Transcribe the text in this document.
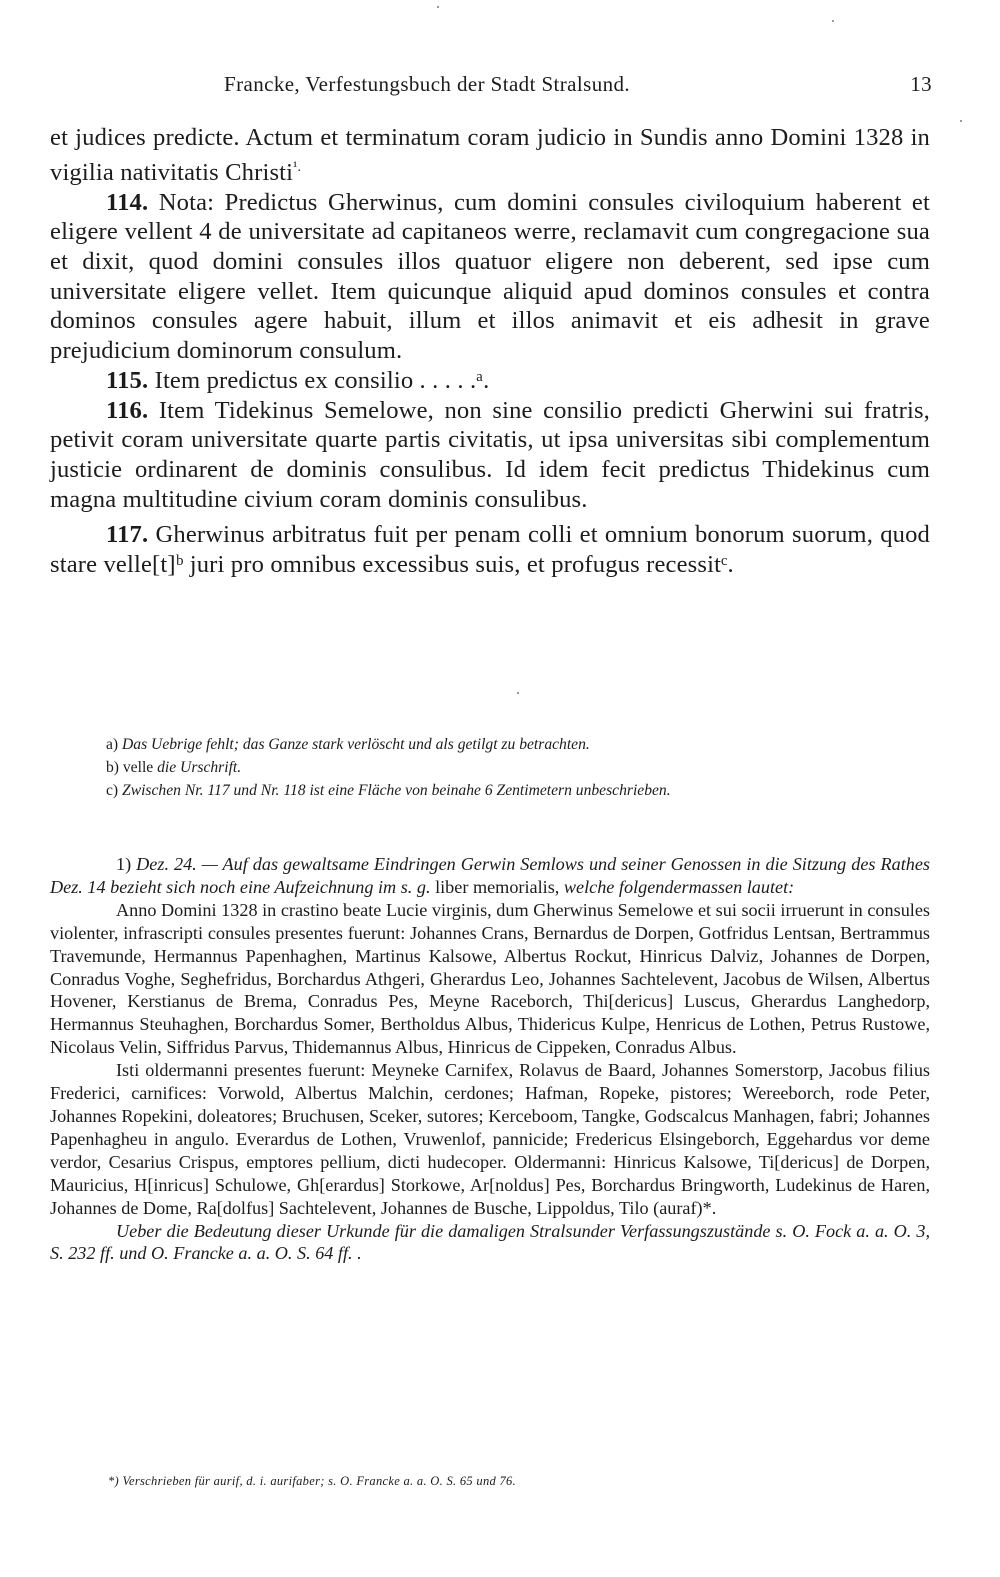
Francke, Verfestungsbuch der Stadt Stralsund.	13

et judices predicte. Actum et terminatum coram judicio in Sundis anno Domini 1328 in vigilia nativitatis Christi$^{^1.}$

114. Nota: Predictus Gherwinus, cum domini consules civiloquium haberent et eligere vellent 4 de universitate ad capitaneos werre, reclamavit cum congregacione sua et dixit, quod domini consules illos quatuor eligere non deberent, sed ipse cum universitate eligere vellet. Item quicunque aliquid apud dominos consules et contra dominos consules agere habuit, illum et illos animavit et eis adhesit in grave prejudicium dominorum consulum.

115. Item predictus ex consilio . . . . .ᵃ.

116. Item Tidekinus Semelowe, non sine consilio predicti Gherwini sui fratris, petivit coram universitate quarte partis civitatis, ut ipsa universitas sibi complementum justicie ordinarent de dominis consulibus. Id idem fecit predictus Thidekinus cum magna multitudine civium coram dominis consulibus.

117. Gherwinus arbitratus fuit per penam colli et omnium bonorum suorum, quod stare velle[t]ᵇ juri pro omnibus excessibus suis, et profugus recessitᶜ.

a) Das Uebrige fehlt; das Ganze stark verlöscht und als getilgt zu betrachten.

b) velle die Urschrift.

c) Zwischen Nr. 117 und Nr. 118 ist eine Fläche von beinahe 6 Zentimetern unbeschrieben.

1) Dez. 24. — Auf das gewaltsame Eindringen Gerwin Semlows und seiner Genossen in die Sitzung des Rathes Dez. 14 bezieht sich noch eine Aufzeichnung im s. g. liber memorialis, welche folgendermassen lautet:

Anno Domini 1328 in crastino beate Lucie virginis, dum Gherwinus Semelowe et sui socii irruerunt in consules violenter, infrascripti consules presentes fuerunt: Johannes Crans, Bernardus de Dorpen, Gotfridus Lentsan, Bertrammus Travemunde, Hermannus Papenhaghen, Martinus Kalsowe, Albertus Rockut, Hinricus Dalviz, Johannes de Dorpen, Conradus Voghe, Seghefridus, Borchardus Athgeri, Gherardus Leo, Johannes Sachtelevent, Jacobus de Wilsen, Albertus Hovener, Kerstianus de Brema, Conradus Pes, Meyne Raceborch, Thi[dericus] Luscus, Gherardus Langhedorp, Hermannus Steuhaghen, Borchardus Somer, Bertholdus Albus, Thidericus Kulpe, Henricus de Lothen, Petrus Rustowe, Nicolaus Velin, Siffridus Parvus, Thidemannus Albus, Hinricus de Cippeken, Conradus Albus.

Isti oldermanni presentes fuerunt: Meyneke Carnifex, Rolavus de Baard, Johannes Somerstorp, Jacobus filius Frederici, carnifices: Vorwold, Albertus Malchin, cerdones; Hafman, Ropeke, pistores; Wereeborch, rode Peter, Johannes Ropekini, doleatores; Bruchusen, Sceker, sutores; Kerceboom, Tangke, Godscalcus Manhagen, fabri; Johannes Papenhagheu in angulo. Everardus de Lothen, Vruwenlof, pannicide; Fredericus Elsingeborch, Eggehardus vor deme verdor, Cesarius Crispus, emptores pellium, dicti hudecoper. Oldermanni: Hinricus Kalsowe, Ti[dericus] de Dorpen, Mauricius, H[inricus] Schulowe, Gh[erardus] Storkowe, Ar[noldus] Pes, Borchardus Bringworth, Ludekinus de Haren, Johannes de Dome, Ra[dolfus] Sachtelevent, Johannes de Busche, Lippoldus, Tilo (auraf)*.

Ueber die Bedeutung dieser Urkunde für die damaligen Stralsunder Verfassungszustände s. O. Fock a. a. O. 3, S. 232 ff. und O. Francke a. a. O. S. 64 ff. .

*) Verschrieben für aurif, d. i. aurifaber; s. O. Francke a. a. O. S. 65 und 76.
